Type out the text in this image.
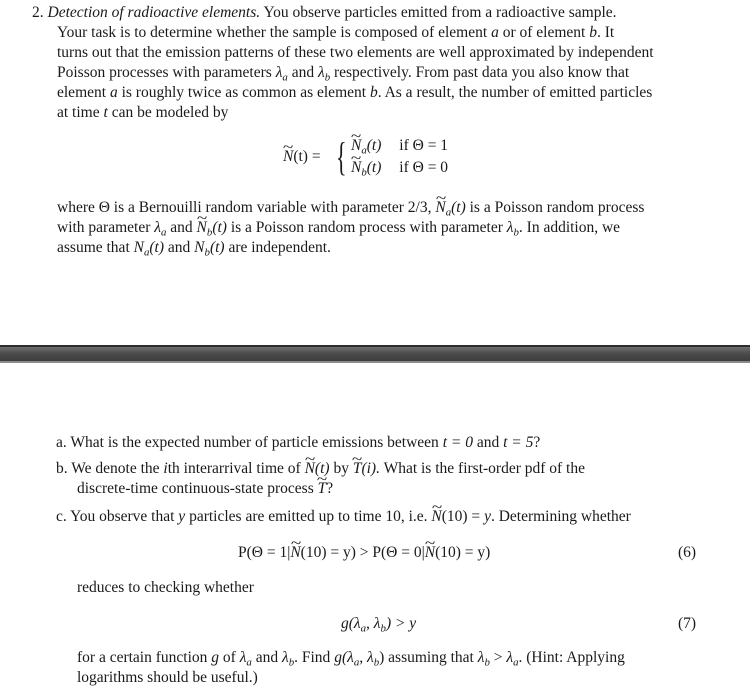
2. Detection of radioactive elements. You observe particles emitted from a radioactive sample.
Your task is to determine whether the sample is composed of element a or of element b. It
turns out that the emission patterns of these two elements are well approximated by independent
Poisson processes with parameters $\lambda_a$ and $\lambda_b$ respectively. From past data you also know that
element a is roughly twice as common as element b. As a result, the number of emitted particles
at time t can be modeled by
~ N(t) = { ~ $N_a(t)$ if Θ = 1
~ $N_b(t)$ if Θ = 0
where Θ is a Bernouilli random variable with parameter 2/3, ~ $N_a(t)$ is a Poisson random process
with parameter $\lambda_a$ and ~ $N_b(t)$ is a Poisson random process with parameter $\lambda_b$. In addition, we
assume that $N_a(t)$ and $N_b(t)$ are independent.
a. What is the expected number of particle emissions between t = 0 and t = 5?
b. We denote the ith interarrival time of ~ N(t) by ~ T(i). What is the first-order pdf of the
discrete-time continuous-state process ~ T?
c. You observe that y particles are emitted up to time 10, i.e. ~ N(10) = y. Determining whether
P(Θ = 1|~ N(10) = y) > P(Θ = 0|~ N(10) = y)	(6)
reduces to checking whether
$g(\lambda_a$, $\lambda_b) > y$	(7)
for a certain function g of $\lambda_a$ and $\lambda_b$. Find $g(\lambda_a$, $\lambda_b$) assuming that $\lambda_b > \lambda_a$. (Hint: Applying
logarithms should be useful.)
